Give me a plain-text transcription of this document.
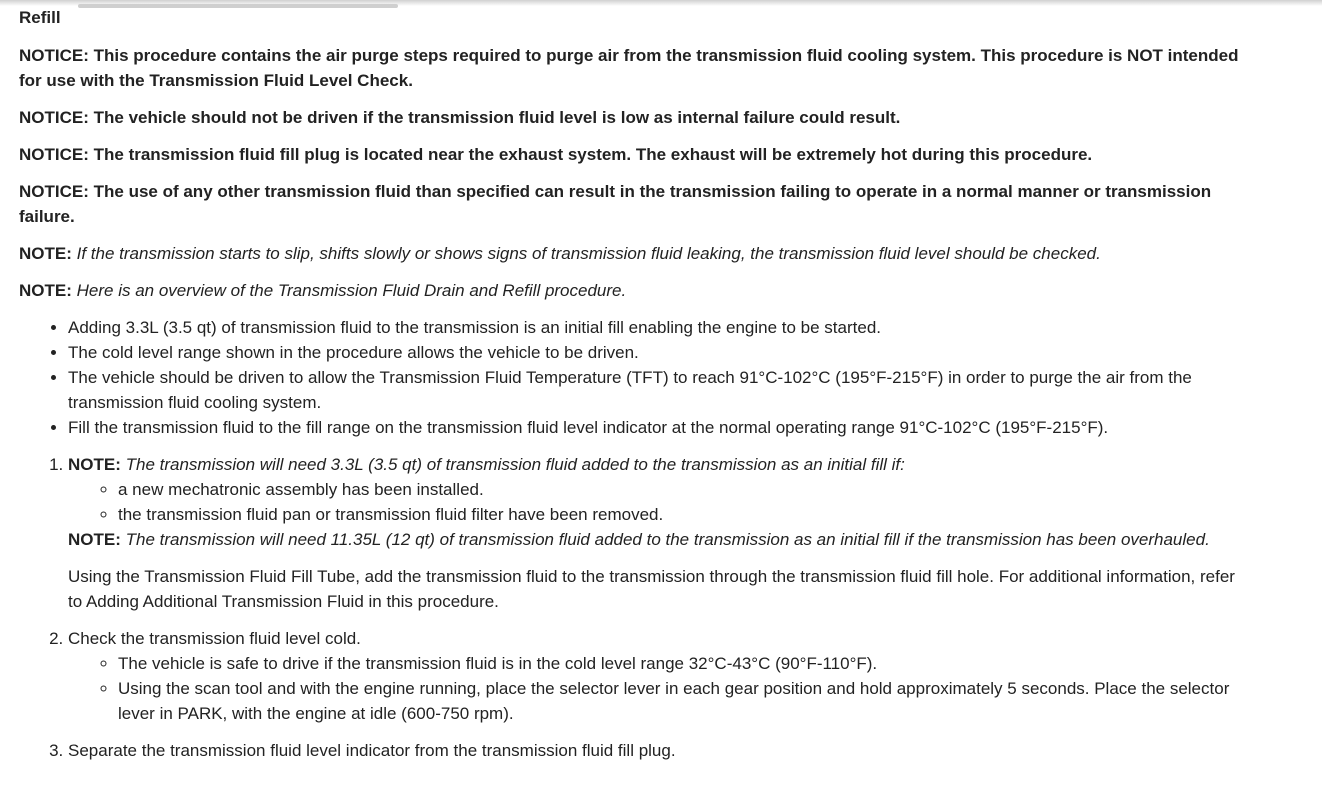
Refill
NOTICE: This procedure contains the air purge steps required to purge air from the transmission fluid cooling system. This procedure is NOT intended for use with the Transmission Fluid Level Check.
NOTICE: The vehicle should not be driven if the transmission fluid level is low as internal failure could result.
NOTICE: The transmission fluid fill plug is located near the exhaust system. The exhaust will be extremely hot during this procedure.
NOTICE: The use of any other transmission fluid than specified can result in the transmission failing to operate in a normal manner or transmission failure.
NOTE: If the transmission starts to slip, shifts slowly or shows signs of transmission fluid leaking, the transmission fluid level should be checked.
NOTE: Here is an overview of the Transmission Fluid Drain and Refill procedure.
• Adding 3.3L (3.5 qt) of transmission fluid to the transmission is an initial fill enabling the engine to be started.
• The cold level range shown in the procedure allows the vehicle to be driven.
• The vehicle should be driven to allow the Transmission Fluid Temperature (TFT) to reach 91°C-102°C (195°F-215°F) in order to purge the air from the transmission fluid cooling system.
• Fill the transmission fluid to the fill range on the transmission fluid level indicator at the normal operating range 91°C-102°C (195°F-215°F).
1. NOTE: The transmission will need 3.3L (3.5 qt) of transmission fluid added to the transmission as an initial fill if:
◦ a new mechatronic assembly has been installed.
◦ the transmission fluid pan or transmission fluid filter have been removed.
NOTE: The transmission will need 11.35L (12 qt) of transmission fluid added to the transmission as an initial fill if the transmission has been overhauled.
Using the Transmission Fluid Fill Tube, add the transmission fluid to the transmission through the transmission fluid fill hole. For additional information, refer to Adding Additional Transmission Fluid in this procedure.
2. Check the transmission fluid level cold.
◦ The vehicle is safe to drive if the transmission fluid is in the cold level range 32°C-43°C (90°F-110°F).
◦ Using the scan tool and with the engine running, place the selector lever in each gear position and hold approximately 5 seconds. Place the selector lever in PARK, with the engine at idle (600-750 rpm).
3. Separate the transmission fluid level indicator from the transmission fluid fill plug.
